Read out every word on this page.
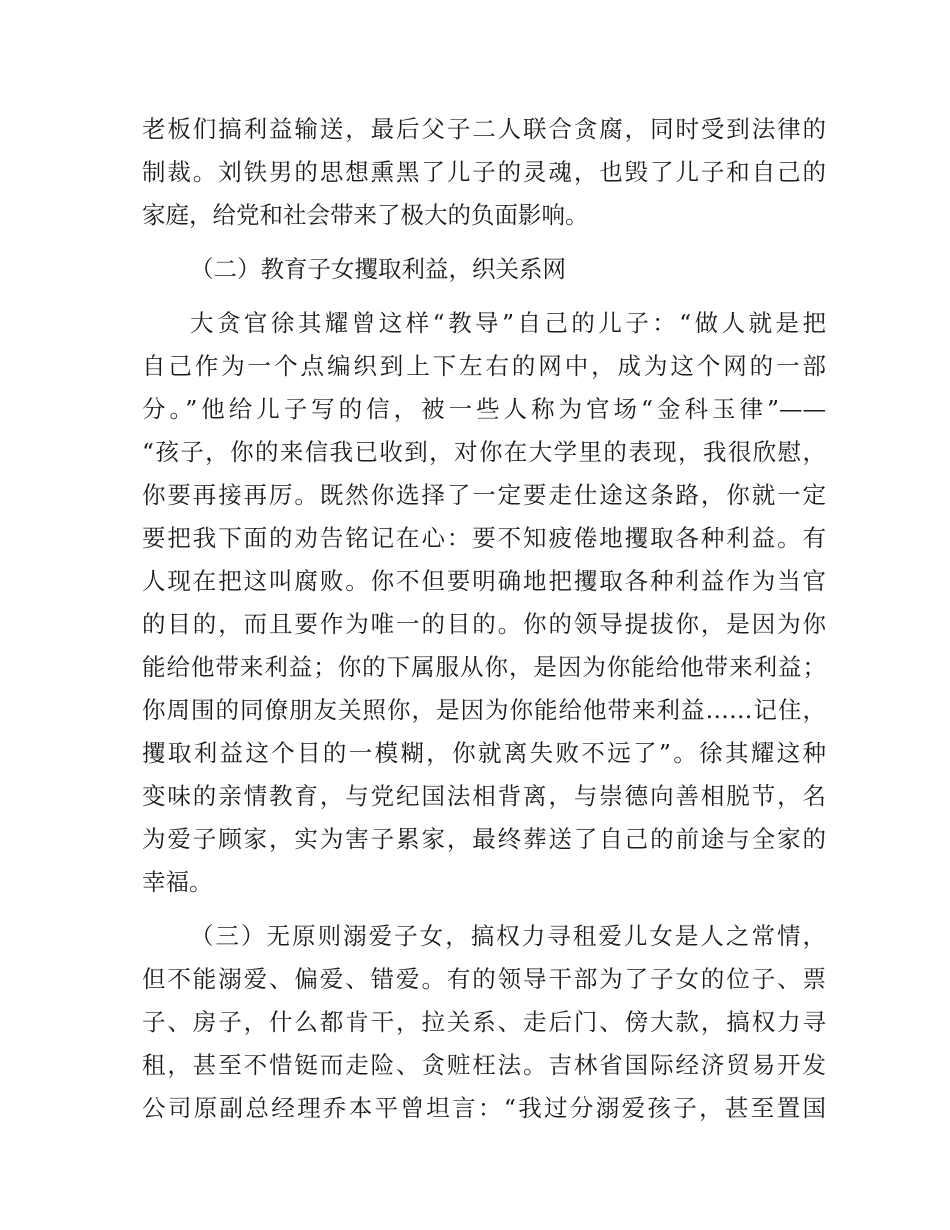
老板们搞利益输送，最后父子二人联合贪腐，同时受到法律的
制裁。刘铁男的思想熏黑了儿子的灵魂，也毁了儿子和自己的
家庭，给党和社会带来了极大的负面影响。
（二）教育子女攫取利益，织关系网
大贪官徐其耀曾这样“教导”自己的儿子：“做人就是把
自己作为一个点编织到上下左右的网中，成为这个网的一部
分。”他给儿子写的信，被一些人称为官场“金科玉律”——
“孩子，你的来信我已收到，对你在大学里的表现，我很欣慰，
你要再接再厉。既然你选择了一定要走仕途这条路，你就一定
要把我下面的劝告铭记在心：要不知疲倦地攫取各种利益。有
人现在把这叫腐败。你不但要明确地把攫取各种利益作为当官
的目的，而且要作为唯一的目的。你的领导提拔你，是因为你
能给他带来利益；你的下属服从你，是因为你能给他带来利益；
你周围的同僚朋友关照你，是因为你能给他带来利益……记住，
攫取利益这个目的一模糊，你就离失败不远了”。徐其耀这种
变味的亲情教育，与党纪国法相背离，与崇德向善相脱节，名
为爱子顾家，实为害子累家，最终葬送了自己的前途与全家的
幸福。
（三）无原则溺爱子女，搞权力寻租爱儿女是人之常情，
但不能溺爱、偏爱、错爱。有的领导干部为了子女的位子、票
子、房子，什么都肯干，拉关系、走后门、傍大款，搞权力寻
租，甚至不惜铤而走险、贪赃枉法。吉林省国际经济贸易开发
公司原副总经理乔本平曾坦言：“我过分溺爱孩子，甚至置国
